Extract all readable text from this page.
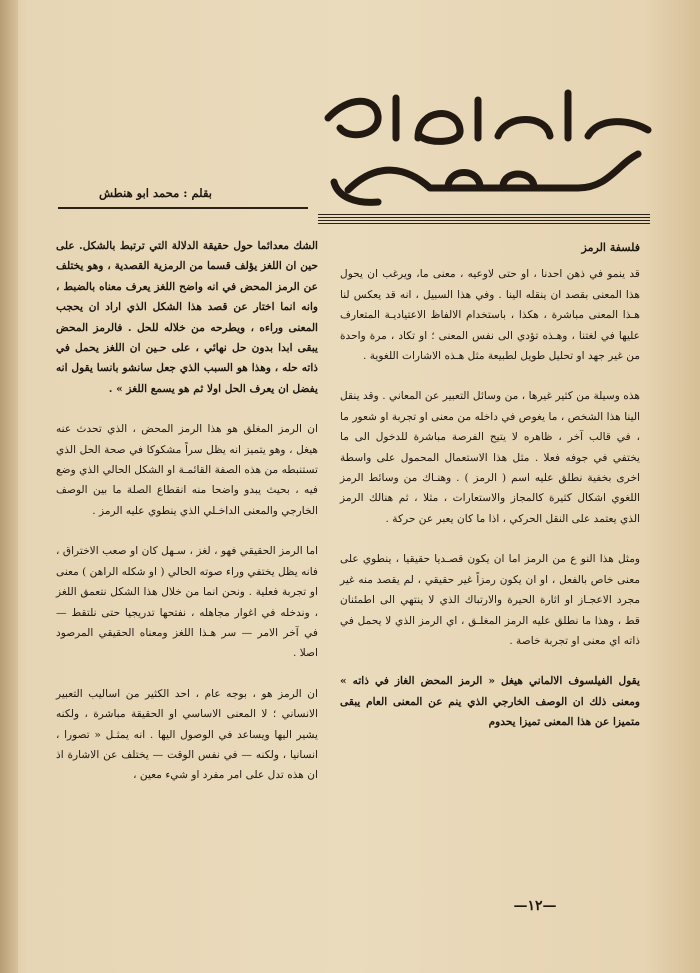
بقلم : محمد ابو هنطش
فلسفة الرمز

قد ينمو في ذهن احدنا ، او حتى لاوعيه ، معنى ما، ويرغب ان يحول هذا المعنى بقصد ان ينقله الينا . وفي هذا السبيل ، انه قد يعكس لنا هـذا المعنى مباشرة ، هكذا ، باستخدام الالفاظ الاعتياديـة المتعارف عليها في لغتنا ، وهـذه تؤدي الى نفس المعنى ؛ او تكاد ، مرة واحدة من غير جهد او تحليل طويل لطبيعة مثل هـذه الاشارات اللغوية .

هذه وسيلة من كثير غيرها ، من وسائل التعبير عن المعاني . وقد ينقل الينا هذا الشخص ، ما يغوص في داخله من معنى او تجربة او شعور ما ، في قالب آخر ، ظاهره لا يتيح الفرصة مباشرة للدخول الى ما يختفي في جوفه فعلا . مثل هذا الاستعمال المحمول على واسطة اخرى بخفية نطلق عليه اسم ( الرمز ) . وهنـاك من وسائط الرمز اللغوي اشكال كثيرة كالمجاز والاستعارات ، مثلا ، ثم هنالك الرمز الذي يعتمد على النقل الحركي ، اذا ما كان يعبر عن حركة .

ومثل هذا النو ع من الرمز اما ان يكون قصـديا حقيقيا ، ينطوي على معنى خاص بالفعل ، او ان يكون رمزاً غير حقيقي ، لم يقصد منه غير مجرد الاعجـاز او اثارة الحيرة والارتباك الذي لا ينتهي الى اطمئنان قط ، وهذا ما نطلق عليه الرمز المغلـق ، اي الرمز الذي لا يحمل في ذاته اي معنى او تجربة خاصة .

يقول الفيلسوف الالماني هيغل « الرمز المحض الغاز في ذاته » ومعنى ذلك ان الوصف الخارجي الذي ينم عن المعنى العام يبقى متميزا عن هذا المعنى تميزا يحدوم

الشك معدائما حول حقيقة الدلالة التي ترتبط بالشكل. على حين ان اللغز يؤلف قسما من الرمزية القصدية ، وهو يختلف عن الرمز المحض في انه واضح اللغز يعرف معناه بالضبط ، وانه انما اختار عن قصد هذا الشكل الذي اراد ان يحجب المعنى وراءه ، ويطرحه من خلاله للحل . فالرمز المحض يبقى ابدا بدون حل نهائي ، على حـين ان اللغز يحمل في ذاته حله ، وهذا هو السبب الذي جعل سانشو بانسا يقول انه يفضل ان يعرف الحل اولا ثم هو يسمع اللغز » .

ان الرمز المغلق هو هذا الرمز المحض ، الذي تحدث عنه هيغل ، وهو يتميز انه يظل سراً مشكوكا في صحة الحل الذي تستنبطه من هذه الصفة القائمـة او الشكل الحالي الذي وضع فيه ، بحيث يبدو واضحا منه انقطاع الصلة ما بين الوصف الخارجي والمعنى الداخـلي الذي ينطوي عليه الرمز .

اما الرمز الحقيقي فهو ، لغز ، سـهل كان او صعب الاختراق ، فانه يظل يختفي وراء صوته الحالي ( او شكله الراهن ) معنى او تجربة فعلية . ونحن انما من خلال هذا الشكل نتعمق اللغز ، وندخله في اغوار مجاهله ، نفتحها تدريجيا حتى نلتقط — في آخر الامر — سر هـذا اللغز ومعناه الحقيقي المرصود اصلا .

ان الرمز هو ، بوجه عام ، احد الكثير من اساليب التعبير الانساني ؛ لا المعنى الاساسي او الحقيقة مباشرة ، ولكنه يشير اليها ويساعد في الوصول اليها . انه يمثـل « تصورا ، انسانيا ، ولكنه — في نفس الوقت — يختلف عن الاشارة اذ ان هذه تدل على امر مفرد او شيء معين ،

—١٢—
